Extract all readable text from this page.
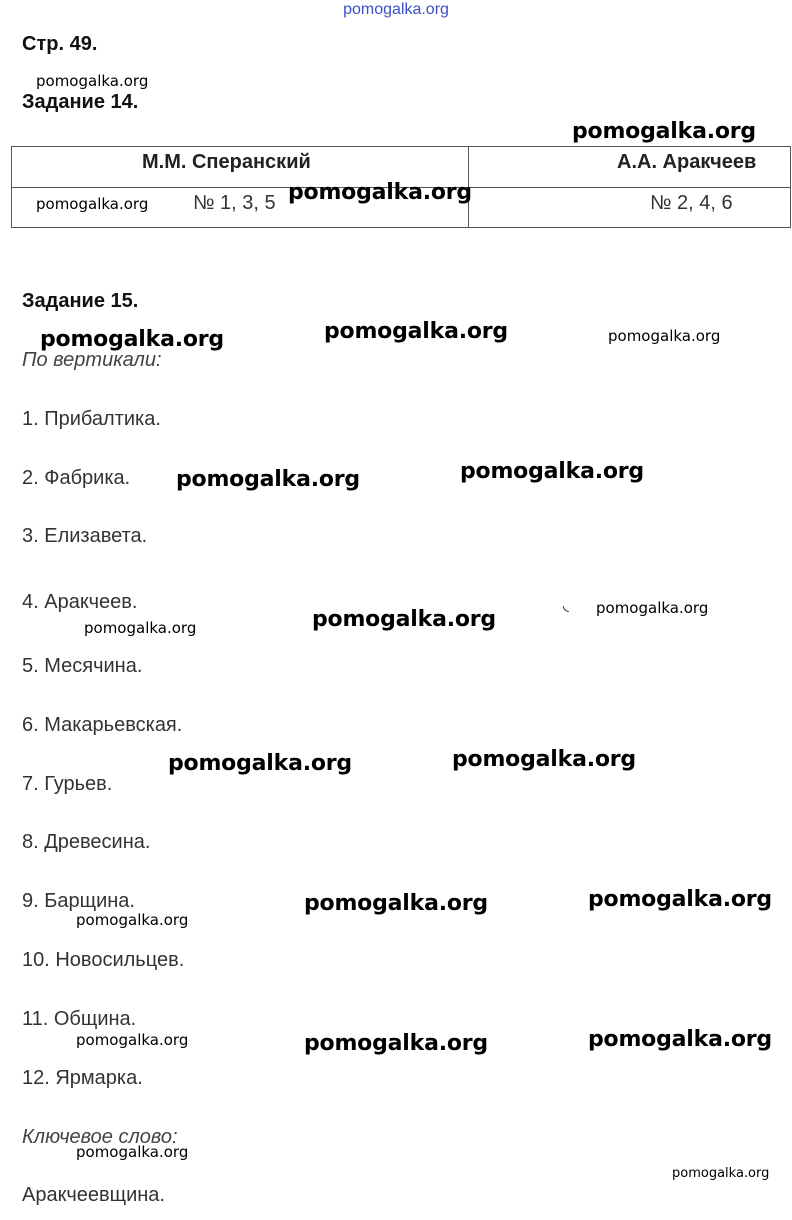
pomogalka.org
Стр. 49.
Задание 14.
М.М. Сперанский	А.А. Аракчеев
№ 1, 3, 5	№ 2, 4, 6
Задание 15.
По вертикали:
1. Прибалтика.
2. Фабрика.
3. Елизавета.
4. Аракчеев.
5. Месячина.
6. Макарьевская.
7. Гурьев.
8. Древесина.
9. Барщина.
10. Новосильцев.
11. Община.
12. Ярмарка.
Ключевое слово:
Аракчеевщина.
pomogalka.org
pomogalka.org
pomogalka.org	pomogalka.org
pomogalka.org	pomogalka.org	pomogalka.org
pomogalka.org	pomogalka.org
pomogalka.org	pomogalka.org
◟ pomogalka.org
pomogalka.org	pomogalka.org
pomogalka.org
pomogalka.org	pomogalka.org
pomogalka.org	pomogalka.org	pomogalka.org
pomogalka.org
pomogalka.org
